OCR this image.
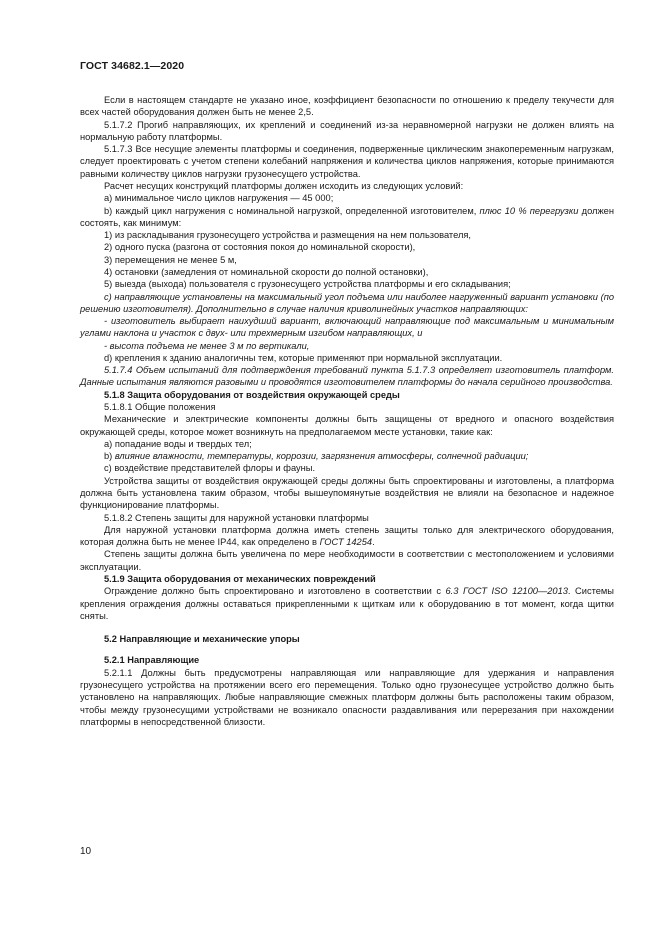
ГОСТ 34682.1—2020

Если в настоящем стандарте не указано иное, коэффициент безопасности по отношению к пределу текучести для всех частей оборудования должен быть не менее 2,5.

5.1.7.2 Прогиб направляющих, их креплений и соединений из-за неравномерной нагрузки не должен влиять на нормальную работу платформы.

5.1.7.3 Все несущие элементы платформы и соединения, подверженные циклическим знакопеременным нагрузкам, следует проектировать с учетом степени колебаний напряжения и количества циклов напряжения, которые принимаются равными количеству циклов нагрузки грузонесущего устройства.

Расчет несущих конструкций платформы должен исходить из следующих условий:

a) минимальное число циклов нагружения — 45 000;

b) каждый цикл нагружения с номинальной нагрузкой, определенной изготовителем, плюс 10 % перегрузки должен состоять, как минимум:

1) из раскладывания грузонесущего устройства и размещения на нем пользователя,

2) одного пуска (разгона от состояния покоя до номинальной скорости),

3) перемещения не менее 5 м,

4) остановки (замедления от номинальной скорости до полной остановки),

5) выезда (выхода) пользователя с грузонесущего устройства платформы и его складывания;

c) направляющие установлены на максимальный угол подъема или наиболее нагруженный вариант установки (по решению изготовителя). Дополнительно в случае наличия криволинейных участков направляющих:

- изготовитель выбирает наихудший вариант, включающий направляющие под максимальным и минимальным углами наклона и участок с двух- или трехмерным изгибом направляющих, и

- высота подъема не менее 3 м по вертикали,

d) крепления к зданию аналогичны тем, которые применяют при нормальной эксплуатации.

5.1.7.4 Объем испытаний для подтверждения требований пункта 5.1.7.3 определяет изготовитель платформ. Данные испытания являются разовыми и проводятся изготовителем платформы до начала серийного производства.

5.1.8 Защита оборудования от воздействия окружающей среды

5.1.8.1 Общие положения

Механические и электрические компоненты должны быть защищены от вредного и опасного воздействия окружающей среды, которое может возникнуть на предполагаемом месте установки, такие как:

a) попадание воды и твердых тел;

b) влияние влажности, температуры, коррозии, загрязнения атмосферы, солнечной радиации;

c) воздействие представителей флоры и фауны.

Устройства защиты от воздействия окружающей среды должны быть спроектированы и изготовлены, а платформа должна быть установлена таким образом, чтобы вышеупомянутые воздействия не влияли на безопасное и надежное функционирование платформы.

5.1.8.2 Степень защиты для наружной установки платформы

Для наружной установки платформа должна иметь степень защиты только для электрического оборудования, которая должна быть не менее IP44, как определено в ГОСТ 14254.

Степень защиты должна быть увеличена по мере необходимости в соответствии с местоположением и условиями эксплуатации.

5.1.9 Защита оборудования от механических повреждений

Ограждение должно быть спроектировано и изготовлено в соответствии с 6.3 ГОСТ ISO 12100—2013. Системы крепления ограждения должны оставаться прикрепленными к щиткам или к оборудованию в тот момент, когда щитки сняты.

5.2 Направляющие и механические упоры

5.2.1 Направляющие

5.2.1.1 Должны быть предусмотрены направляющая или направляющие для удержания и направления грузонесущего устройства на протяжении всего его перемещения. Только одно грузонесущее устройство должно быть установлено на направляющих. Любые направляющие смежных платформ должны быть расположены таким образом, чтобы между грузонесущими устройствами не возникало опасности раздавливания или перерезания при нахождении платформы в непосредственной близости.

10
